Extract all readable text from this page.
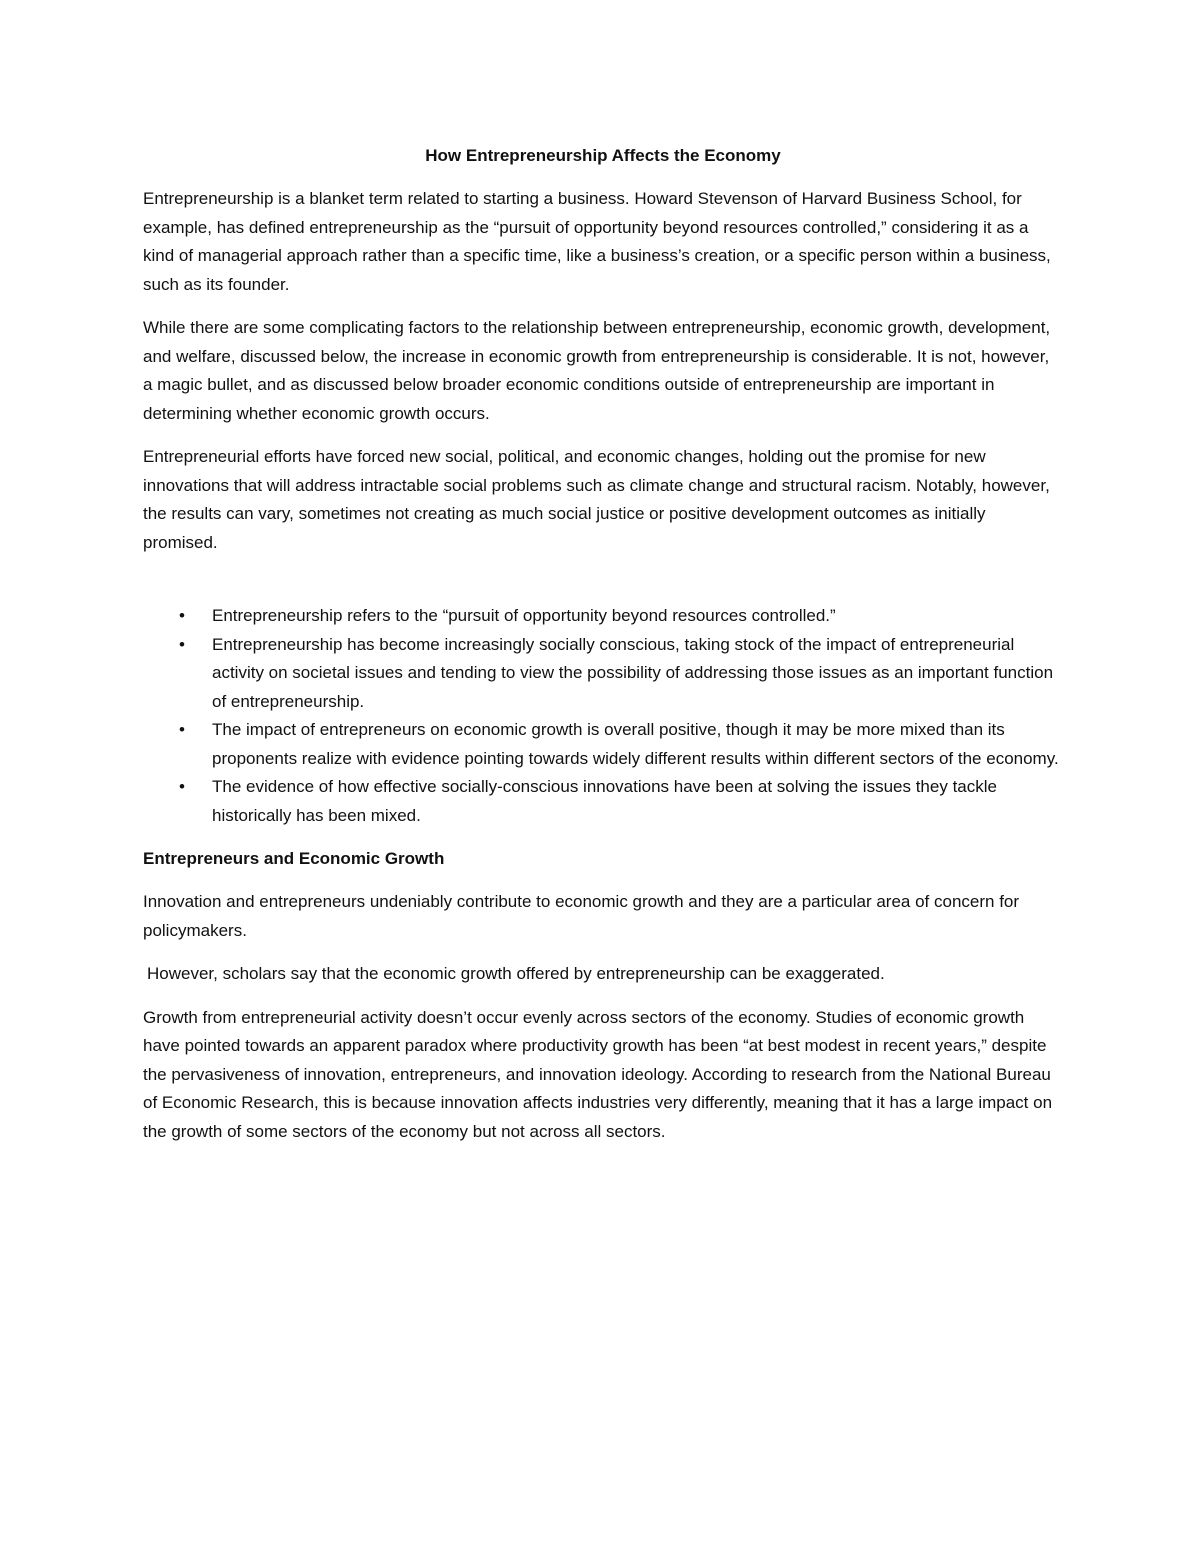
How Entrepreneurship Affects the Economy

Entrepreneurship is a blanket term related to starting a business. Howard Stevenson of Harvard Business School, for example, has defined entrepreneurship as the “pursuit of opportunity beyond resources controlled,” considering it as a kind of managerial approach rather than a specific time, like a business’s creation, or a specific person within a business, such as its founder.

While there are some complicating factors to the relationship between entrepreneurship, economic growth, development, and welfare, discussed below, the increase in economic growth from entrepreneurship is considerable. It is not, however, a magic bullet, and as discussed below broader economic conditions outside of entrepreneurship are important in determining whether economic growth occurs.

Entrepreneurial efforts have forced new social, political, and economic changes, holding out the promise for new innovations that will address intractable social problems such as climate change and structural racism. Notably, however, the results can vary, sometimes not creating as much social justice or positive development outcomes as initially promised.

• Entrepreneurship refers to the “pursuit of opportunity beyond resources controlled.”
• Entrepreneurship has become increasingly socially conscious, taking stock of the impact of entrepreneurial activity on societal issues and tending to view the possibility of addressing those issues as an important function of entrepreneurship.
• The impact of entrepreneurs on economic growth is overall positive, though it may be more mixed than its proponents realize with evidence pointing towards widely different results within different sectors of the economy.
• The evidence of how effective socially-conscious innovations have been at solving the issues they tackle historically has been mixed.
Entrepreneurs and Economic Growth

Innovation and entrepreneurs undeniably contribute to economic growth and they are a particular area of concern for policymakers.

However, scholars say that the economic growth offered by entrepreneurship can be exaggerated.

Growth from entrepreneurial activity doesn’t occur evenly across sectors of the economy. Studies of economic growth have pointed towards an apparent paradox where productivity growth has been “at best modest in recent years,” despite the pervasiveness of innovation, entrepreneurs, and innovation ideology. According to research from the National Bureau of Economic Research, this is because innovation affects industries very differently, meaning that it has a large impact on the growth of some sectors of the economy but not across all sectors.
